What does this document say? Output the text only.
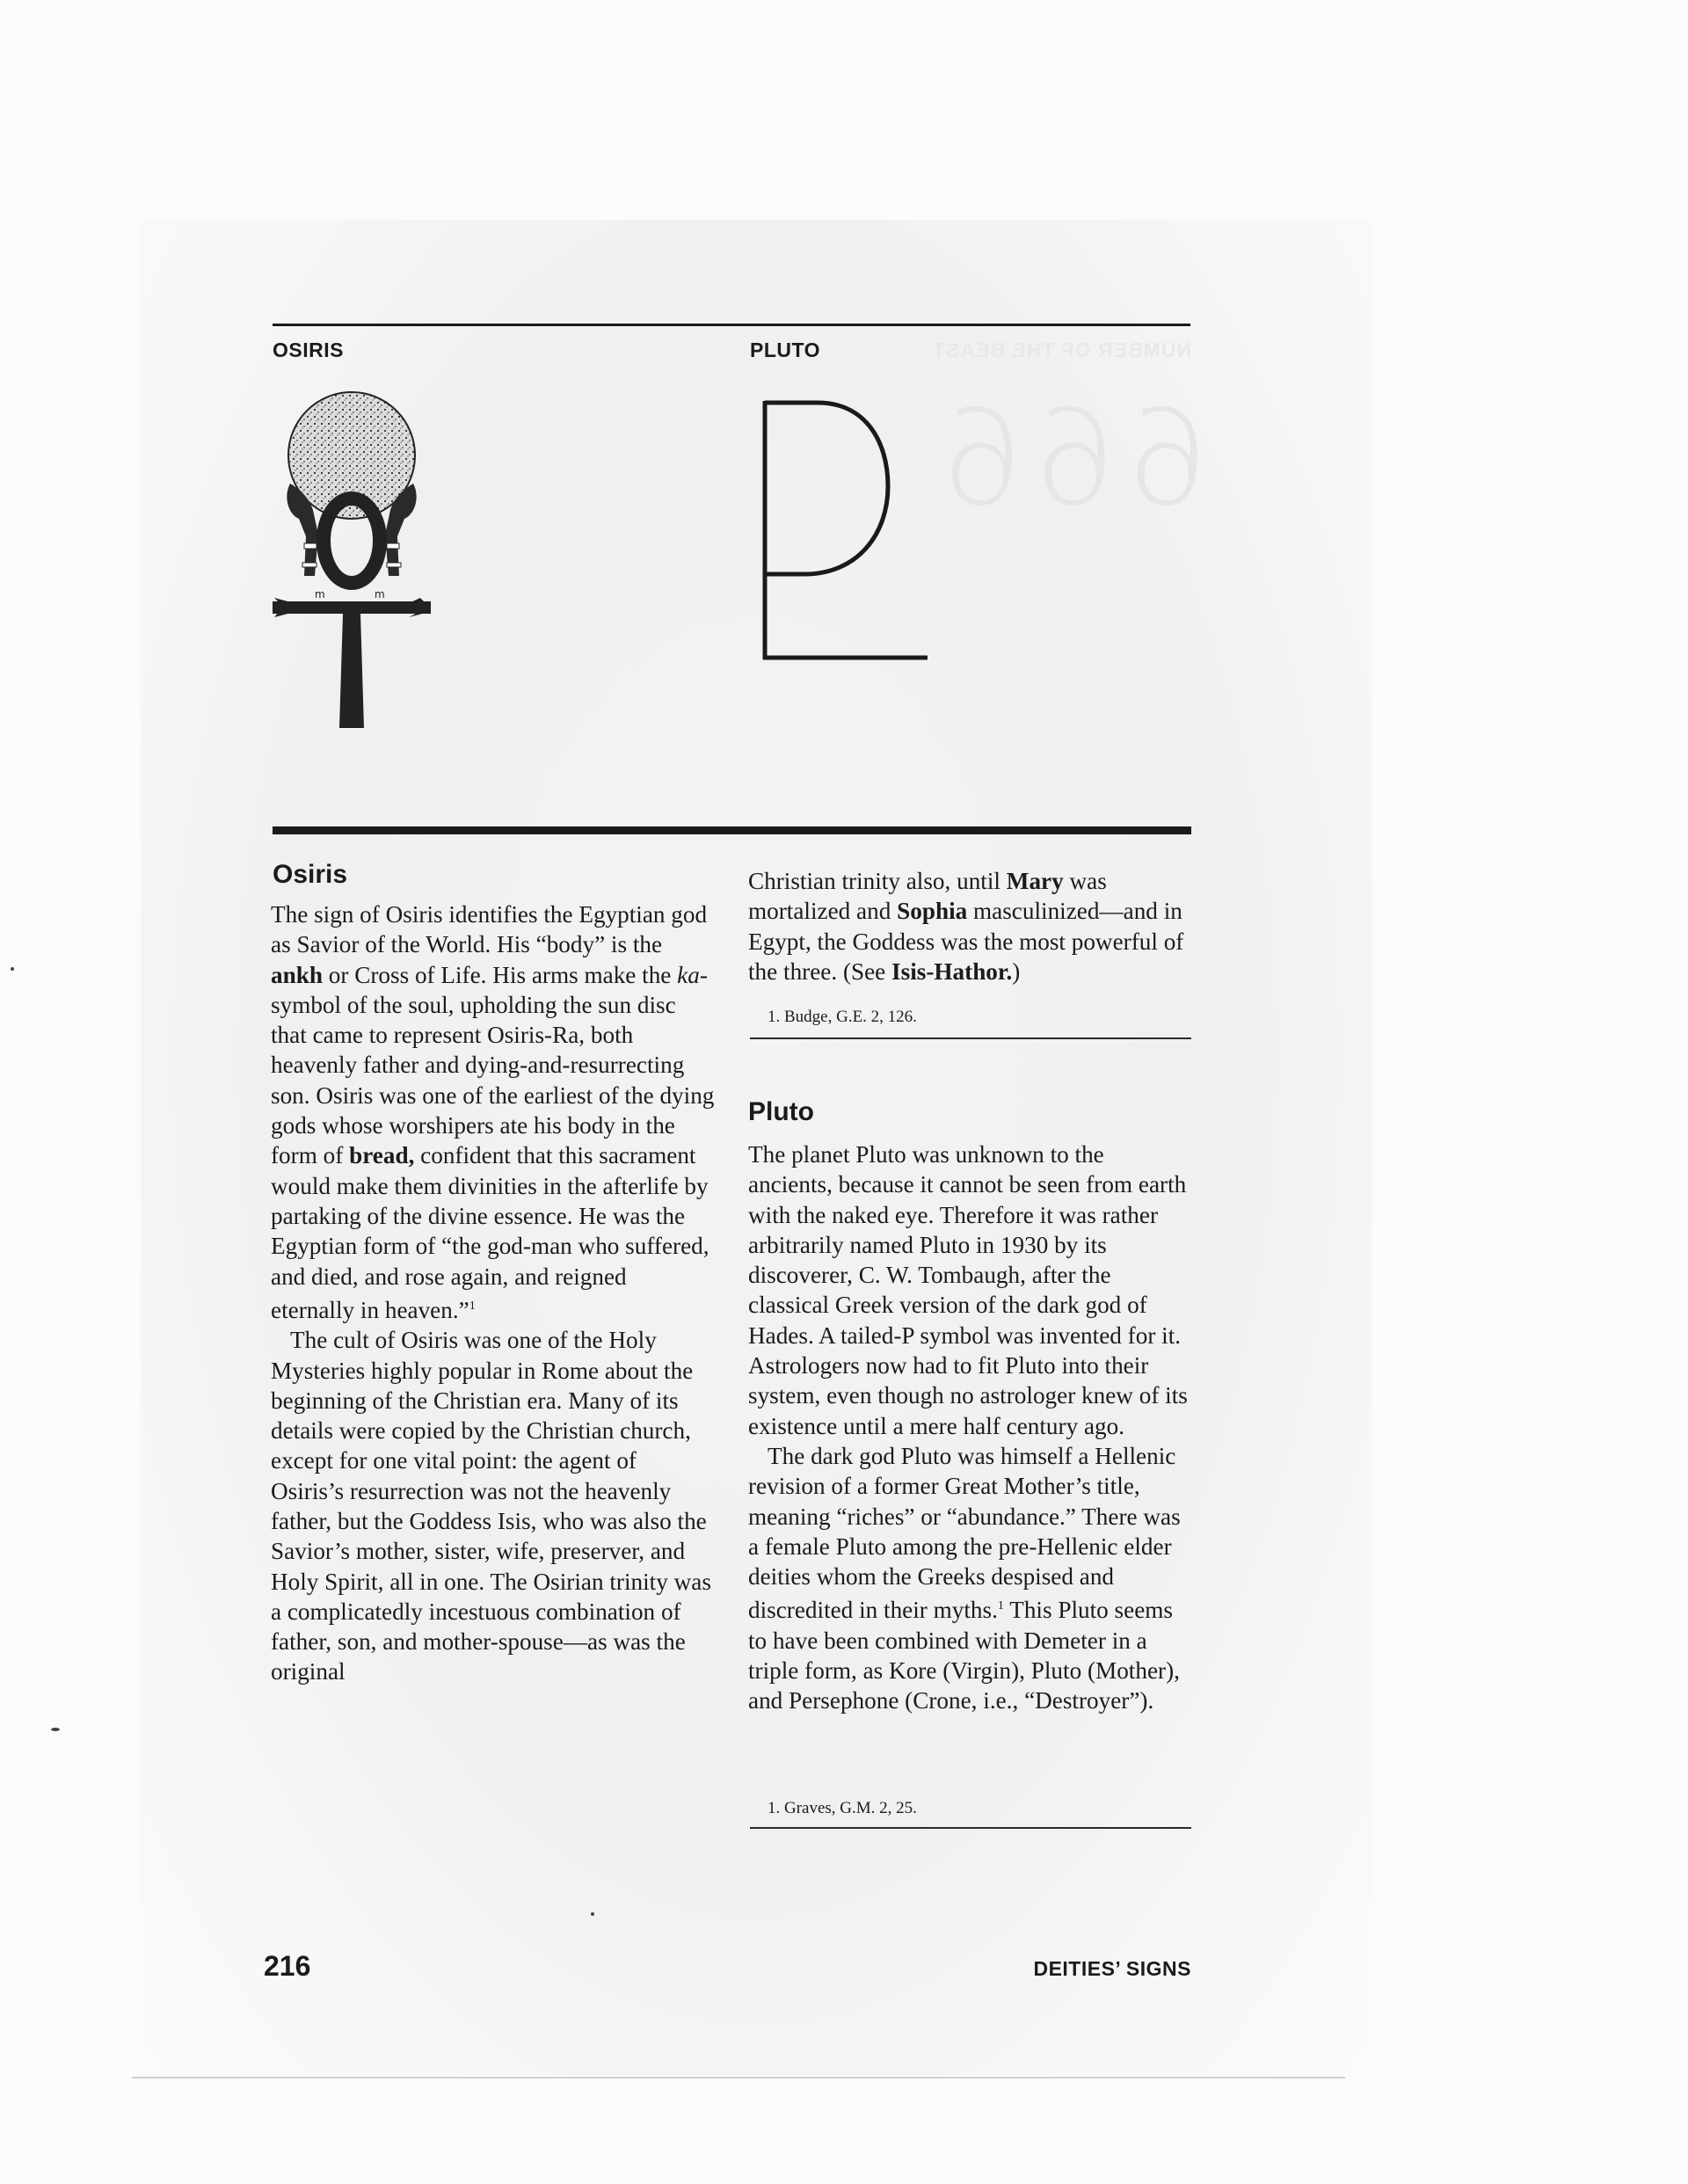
NUMBER OF THE BEAST
666
OSIRIS	PLUTO
m	m
Osiris

The sign of Osiris identifies the Egyptian god as Savior of the World. His “body” is the ankh or Cross of Life. His arms make the ka-symbol of the soul, upholding the sun disc that came to represent Osiris-Ra, both heavenly father and dying-and-resurrecting son. Osiris was one of the earliest of the dying gods whose worshipers ate his body in the form of bread, confident that this sacrament would make them divinities in the afterlife by partaking of the divine essence. He was the Egyptian form of “the god-man who suffered, and died, and rose again, and reigned eternally in heaven.”$^1$

The cult of Osiris was one of the Holy Mysteries highly popular in Rome about the beginning of the Christian era. Many of its details were copied by the Christian church, except for one vital point: the agent of Osiris’s resurrection was not the heavenly father, but the Goddess Isis, who was also the Savior’s mother, sister, wife, preserver, and Holy Spirit, all in one. The Osirian trinity was a complicatedly incestuous combination of father, son, and mother-spouse—as was the original

Christian trinity also, until Mary was mortalized and Sophia masculinized—and in Egypt, the Goddess was the most powerful of the three. (See Isis-Hathor.)

1. Budge, G.E. 2, 126.
Pluto

The planet Pluto was unknown to the ancients, because it cannot be seen from earth with the naked eye. Therefore it was rather arbitrarily named Pluto in 1930 by its discoverer, C. W. Tombaugh, after the classical Greek version of the dark god of Hades. A tailed-P symbol was invented for it. Astrologers now had to fit Pluto into their system, even though no astrologer knew of its existence until a mere half century ago.

The dark god Pluto was himself a Hellenic revision of a former Great Mother’s title, meaning “riches” or “abundance.” There was a female Pluto among the pre-Hellenic elder deities whom the Greeks despised and discredited in their myths.$^1$ This Pluto seems to have been combined with Demeter in a triple form, as Kore (Virgin), Pluto (Mother), and Persephone (Crone, i.e., “Destroyer”).

1. Graves, G.M. 2, 25.
216	DEITIES’ SIGNS
